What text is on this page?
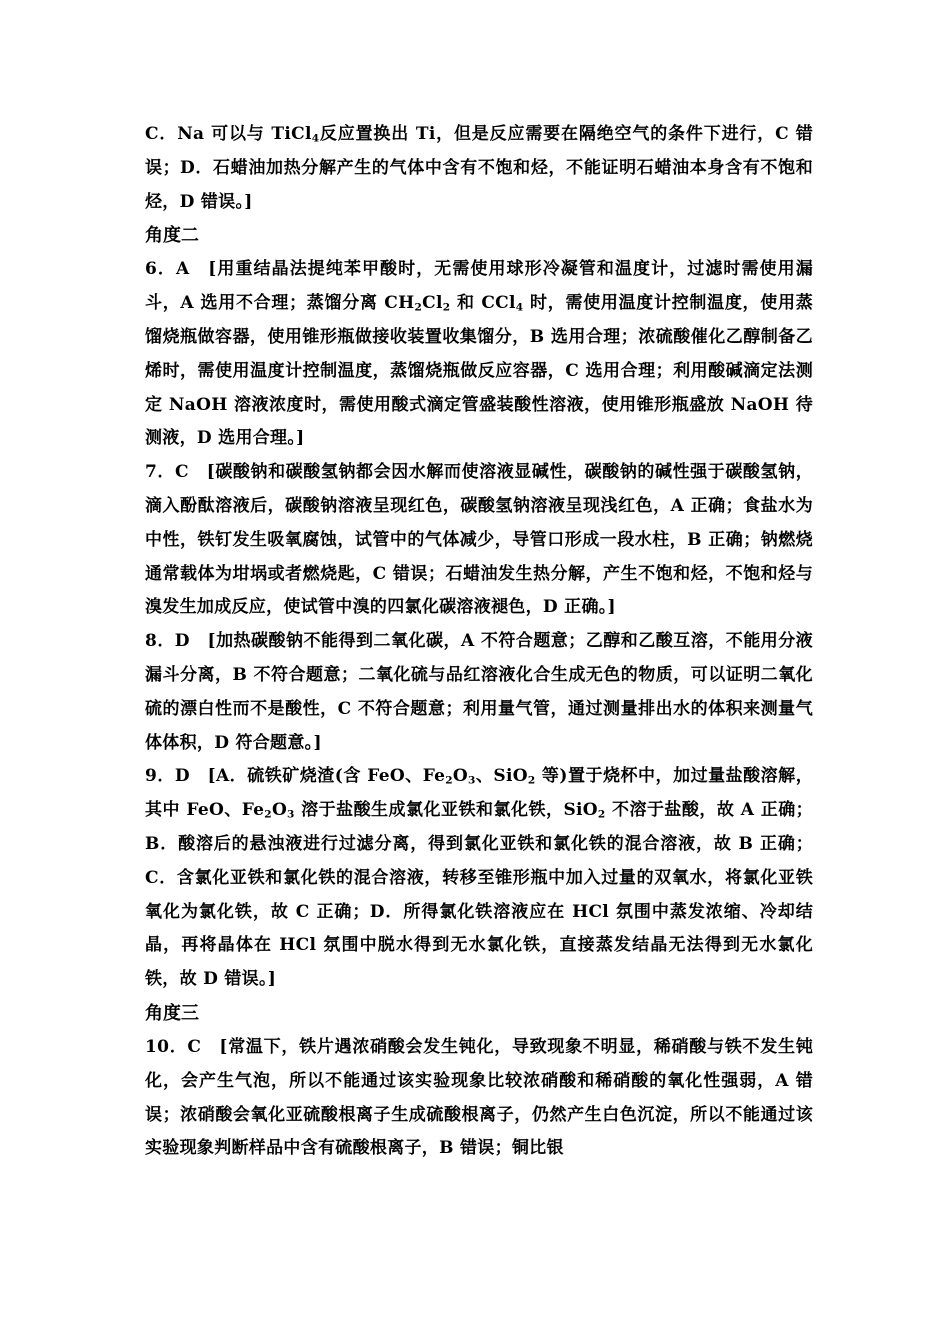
C．Na 可以与 TiCl$_4$反应置换出 Ti，但是反应需要在隔绝空气的条件下进行，C 错误；D．石蜡油加热分解产生的气体中含有不饱和烃，不能证明石蜡油本身含有不饱和烃，D 错误。]

角度二

6．A　[用重结晶法提纯苯甲酸时，无需使用球形冷凝管和温度计，过滤时需使用漏斗，A 选用不合理；蒸馏分离 $CH_2Cl_2$ 和 CCl$_4$ 时，需使用温度计控制温度，使用蒸馏烧瓶做容器，使用锥形瓶做接收装置收集馏分，B 选用合理；浓硫酸催化乙醇制备乙烯时，需使用温度计控制温度，蒸馏烧瓶做反应容器，C 选用合理；利用酸碱滴定法测定 NaOH 溶液浓度时，需使用酸式滴定管盛装酸性溶液，使用锥形瓶盛放 NaOH 待测液，D 选用合理。]

7．C　[碳酸钠和碳酸氢钠都会因水解而使溶液显碱性，碳酸钠的碱性强于碳酸氢钠，滴入酚酞溶液后，碳酸钠溶液呈现红色，碳酸氢钠溶液呈现浅红色，A 正确；食盐水为中性，铁钉发生吸氧腐蚀，试管中的气体减少，导管口形成一段水柱，B 正确；钠燃烧通常载体为坩埚或者燃烧匙，C 错误；石蜡油发生热分解，产生不饱和烃，不饱和烃与溴发生加成反应，使试管中溴的四氯化碳溶液褪色，D 正确。]

8．D　[加热碳酸钠不能得到二氧化碳，A 不符合题意；乙醇和乙酸互溶，不能用分液漏斗分离，B 不符合题意；二氧化硫与品红溶液化合生成无色的物质，可以证明二氧化硫的漂白性而不是酸性，C 不符合题意；利用量气管，通过测量排出水的体积来测量气体体积，D 符合题意。]

9．D　[A．硫铁矿烧渣(含 FeO、$Fe_2O_3$、SiO$_2$ 等)置于烧杯中，加过量盐酸溶解，其中 FeO、$Fe_2O_3$ 溶于盐酸生成氯化亚铁和氯化铁，SiO$_2$ 不溶于盐酸，故 A 正确；B．酸溶后的悬浊液进行过滤分离，得到氯化亚铁和氯化铁的混合溶液，故 B 正确；C．含氯化亚铁和氯化铁的混合溶液，转移至锥形瓶中加入过量的双氧水，将氯化亚铁氧化为氯化铁，故 C 正确；D．所得氯化铁溶液应在 HCl 氛围中蒸发浓缩、冷却结晶，再将晶体在 HCl 氛围中脱水得到无水氯化铁，直接蒸发结晶无法得到无水氯化铁，故 D 错误。]

角度三

10．C　[常温下，铁片遇浓硝酸会发生钝化，导致现象不明显，稀硝酸与铁不发生钝化，会产生气泡，所以不能通过该实验现象比较浓硝酸和稀硝酸的氧化性强弱，A 错误；浓硝酸会氧化亚硫酸根离子生成硫酸根离子，仍然产生白色沉淀，所以不能通过该实验现象判断样品中含有硫酸根离子，B 错误；铜比银
